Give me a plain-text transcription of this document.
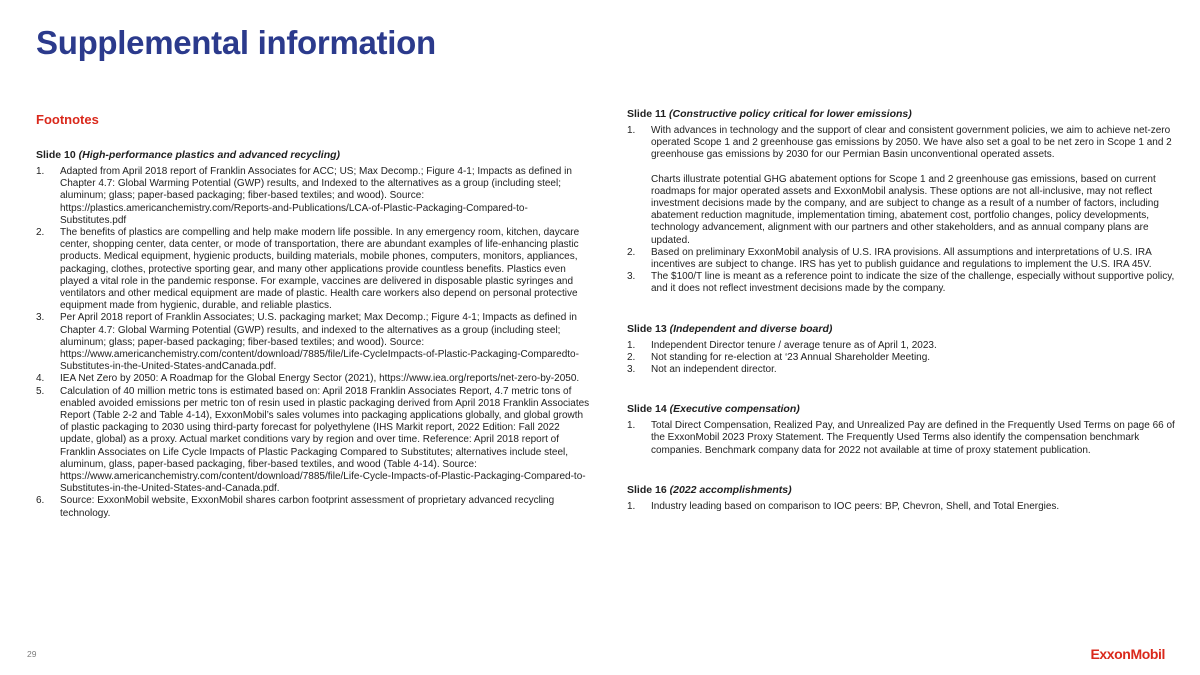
Supplemental information
Footnotes
Slide 10 (High-performance plastics and advanced recycling)
1.	Adapted from April 2018 report of Franklin Associates for ACC; US; Max Decomp.; Figure 4-1; Impacts as defined in Chapter 4.7: Global Warming Potential (GWP) results, and Indexed to the alternatives as a group (including steel; aluminum; glass; paper-based packaging; fiber-based textiles; and wood). Source: https://plastics.americanchemistry.com/Reports-and-Publications/LCA-of-Plastic-Packaging-Compared-to-Substitutes.pdf

2.	The benefits of plastics are compelling and help make modern life possible. In any emergency room, kitchen, daycare center, shopping center, data center, or mode of transportation, there are abundant examples of life-enhancing plastic products. Medical equipment, hygienic products, building materials, mobile phones, computers, monitors, appliances, packaging, clothes, protective sporting gear, and many other applications provide countless benefits. Plastics even played a vital role in the pandemic response. For example, vaccines are delivered in disposable plastic syringes and ventilators and other medical equipment are made of plastic. Health care workers also depend on personal protective equipment made from hygienic, durable, and reliable plastics.

3.	Per April 2018 report of Franklin Associates; U.S. packaging market; Max Decomp.; Figure 4-1; Impacts as defined in Chapter 4.7: Global Warming Potential (GWP) results, and indexed to the alternatives as a group (including steel; aluminum; glass; paper-based packaging; fiber-based textiles; and wood). Source: https://www.americanchemistry.com/content/download/7885/file/Life-CycleImpacts-of-Plastic-Packaging-Comparedto-Substitutes-in-the-United-States-andCanada.pdf.

4.	IEA Net Zero by 2050: A Roadmap for the Global Energy Sector (2021), https://www.iea.org/reports/net-zero-by-2050.

5.	Calculation of 40 million metric tons is estimated based on: April 2018 Franklin Associates Report, 4.7 metric tons of enabled avoided emissions per metric ton of resin used in plastic packaging derived from April 2018 Franklin Associates Report (Table 2-2 and Table 4-14), ExxonMobil’s sales volumes into packaging applications globally, and global growth of plastic packaging to 2030 using third-party forecast for polyethylene (IHS Markit report, 2022 Edition: Fall 2022 update, global) as a proxy. Actual market conditions vary by region and over time. Reference: April 2018 report of Franklin Associates on Life Cycle Impacts of Plastic Packaging Compared to Substitutes; alternatives include steel, aluminum, glass, paper-based packaging, fiber-based textiles, and wood (Table 4-14). Source: https://www.americanchemistry.com/content/download/7885/file/Life-Cycle-Impacts-of-Plastic-Packaging-Compared-to-Substitutes-in-the-United-States-and-Canada.pdf.

6.	Source: ExxonMobil website, ExxonMobil shares carbon footprint assessment of proprietary advanced recycling technology.

Slide 11 (Constructive policy critical for lower emissions)
1.	With advances in technology and the support of clear and consistent government policies, we aim to achieve net-zero operated Scope 1 and 2 greenhouse gas emissions by 2050. We have also set a goal to be net zero in Scope 1 and 2 greenhouse gas emissions by 2030 for our Permian Basin unconventional operated assets.

Charts illustrate potential GHG abatement options for Scope 1 and 2 greenhouse gas emissions, based on current roadmaps for major operated assets and ExxonMobil analysis. These options are not all-inclusive, may not reflect investment decisions made by the company, and are subject to change as a result of a number of factors, including abatement reduction magnitude, implementation timing, abatement cost, portfolio changes, policy developments, technology advancement, alignment with our partners and other stakeholders, and as annual company plans are updated.

2.	Based on preliminary ExxonMobil analysis of U.S. IRA provisions. All assumptions and interpretations of U.S. IRA incentives are subject to change. IRS has yet to publish guidance and regulations to implement the U.S. IRA 45V.

3.	The $100/T line is meant as a reference point to indicate the size of the challenge, especially without supportive policy, and it does not reflect investment decisions made by the company.

Slide 13 (Independent and diverse board)
1.	Independent Director tenure / average tenure as of April 1, 2023.

2.	Not standing for re-election at ‘23 Annual Shareholder Meeting.

3.	Not an independent director.

Slide 14 (Executive compensation)
1.	Total Direct Compensation, Realized Pay, and Unrealized Pay are defined in the Frequently Used Terms on page 66 of the ExxonMobil 2023 Proxy Statement. The Frequently Used Terms also identify the compensation benchmark companies. Benchmark company data for 2022 not available at time of proxy statement publication.

Slide 16 (2022 accomplishments)
1.	Industry leading based on comparison to IOC peers: BP, Chevron, Shell, and Total Energies.

29	ExxonMobil
